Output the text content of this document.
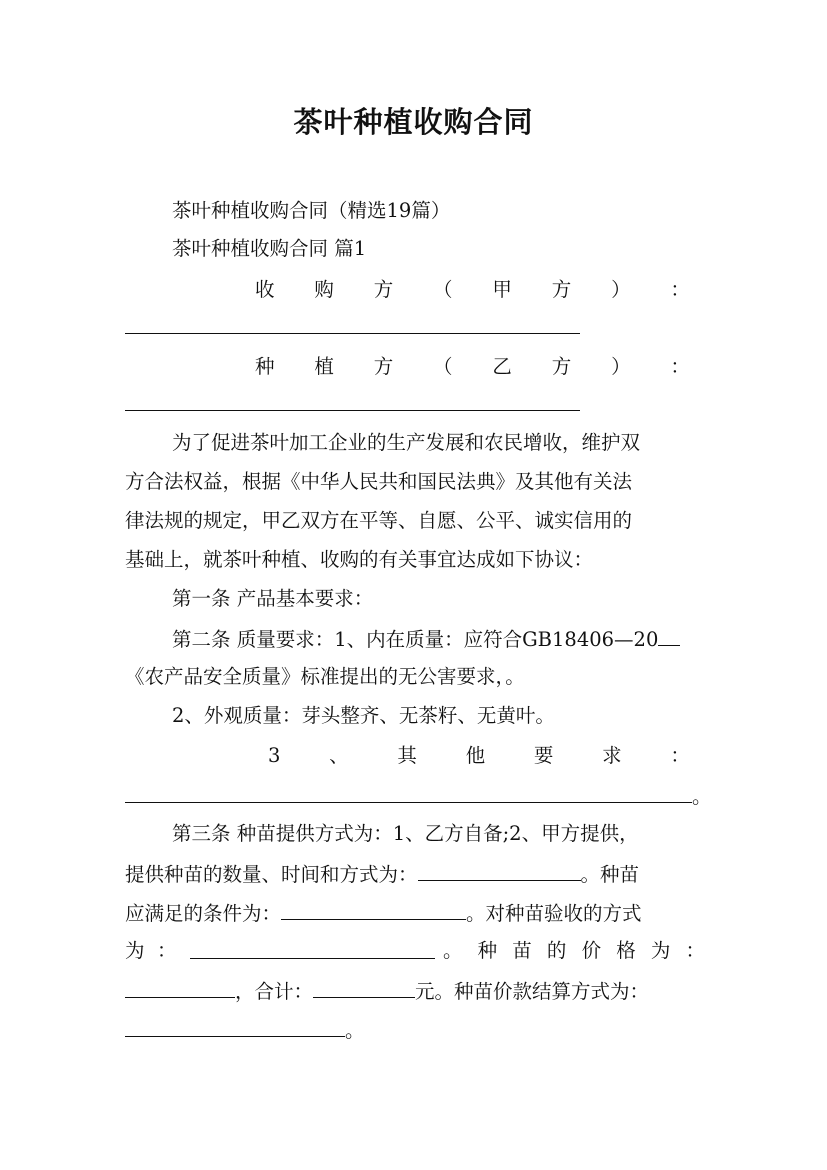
茶叶种植收购合同
茶叶种植收购合同（精选19篇）
茶叶种植收购合同 篇1
收 购 方 （ 甲 方 ） ：
种 植 方 （ 乙 方 ） ：
为了促进茶叶加工企业的生产发展和农民增收，维护双
方合法权益，根据《中华人民共和国民法典》及其他有关法
律法规的规定，甲乙双方在平等、自愿、公平、诚实信用的
基础上，就茶叶种植、收购的有关事宜达成如下协议：
第一条 产品基本要求：
第二条 质量要求：1、内在质量：应符合GB18406—20
《农产品安全质量》标准提出的无公害要求，。
2、外观质量：芽头整齐、无茶籽、无黄叶。
3 、 其 他 要 求 ：
。
第三条 种苗提供方式为：1、乙方自备;2、甲方提供，
提供种苗的数量、时间和方式为：	。种苗
应满足的条件为：	。对种苗验收的方式
为 ：	。 种 苗 的 价 格 为 ：
，合计：	元。种苗价款结算方式为：
。
